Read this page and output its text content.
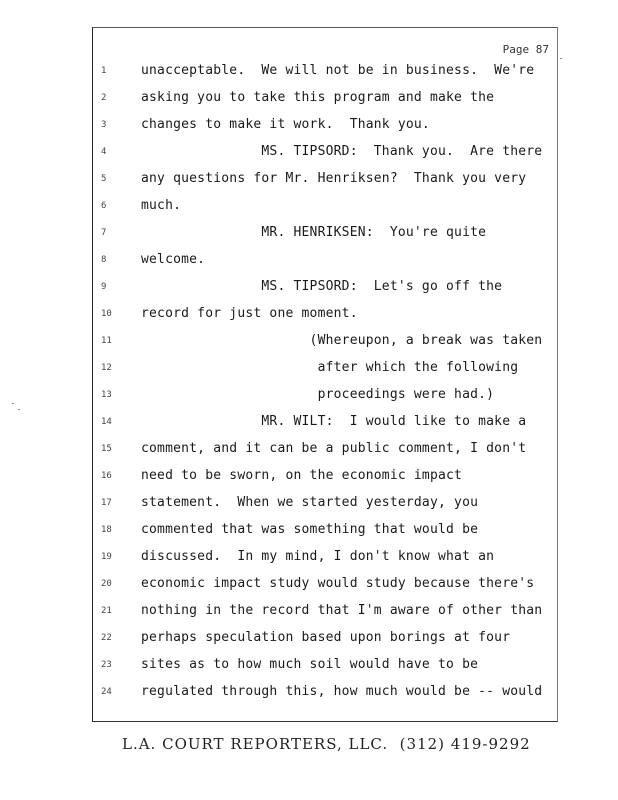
Page 87
1	unacceptable.  We will not be in business.  We're
2	asking you to take this program and make the
3	changes to make it work.  Thank you.
4	MS. TIPSORD:  Thank you.  Are there
5	any questions for Mr. Henriksen?  Thank you very
6	much.
7	MR. HENRIKSEN:  You're quite
8	welcome.
9	MS. TIPSORD:  Let's go off the
10	record for just one moment.
11	(Whereupon, a break was taken
12	after which the following
13	proceedings were had.)
14	MR. WILT:  I would like to make a
15	comment, and it can be a public comment, I don't
16	need to be sworn, on the economic impact
17	statement.  When we started yesterday, you
18	commented that was something that would be
19	discussed.  In my mind, I don't know what an
20	economic impact study would study because there's
21	nothing in the record that I'm aware of other than
22	perhaps speculation based upon borings at four
23	sites as to how much soil would have to be
24	regulated through this, how much would be -- would
L.A. COURT REPORTERS, LLC.  (312) 419-9292
